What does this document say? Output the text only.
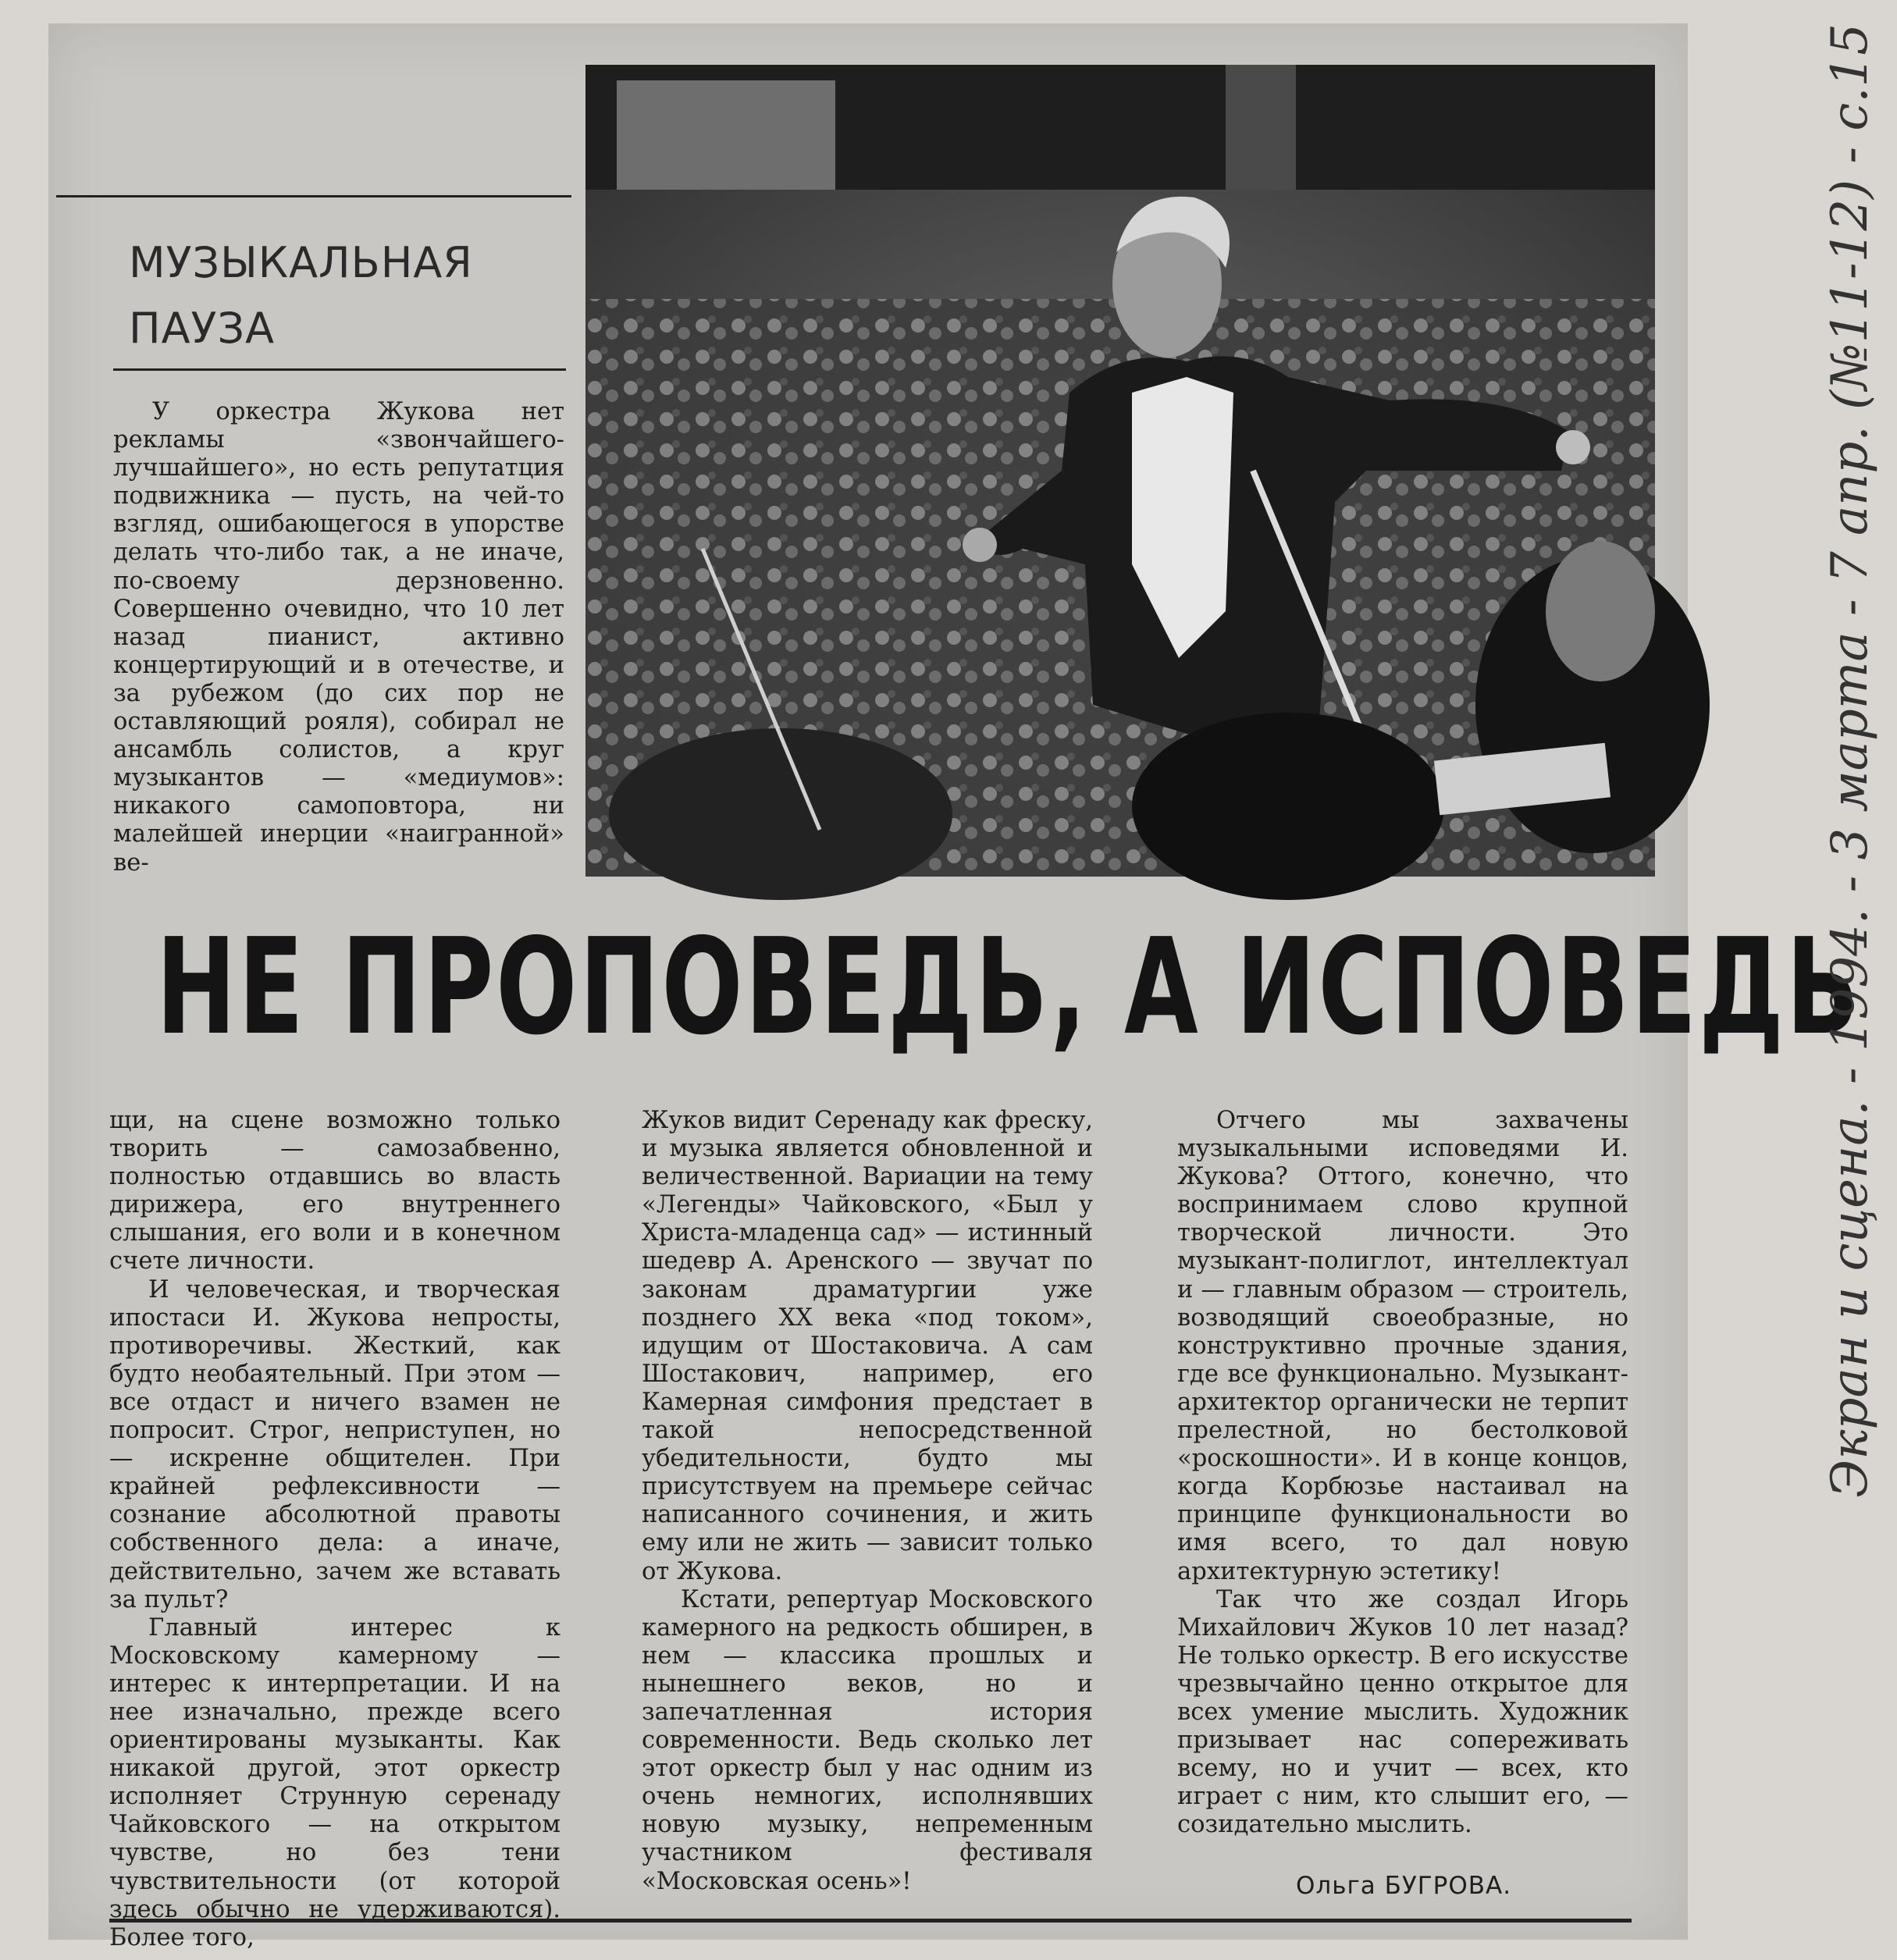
МУЗЫКАЛЬНАЯ
ПАУЗА

У оркестра Жукова нет рекламы «звончайшего-лучшайшего», но есть репутатция подвижника — пусть, на чей-то взгляд, ошибающегося в упорстве делать что-либо так, а не иначе, по-своему дерзновенно. Совершенно очевидно, что 10 лет назад пианист, активно концертирующий и в отечестве, и за рубежом (до сих пор не оставляющий рояля), собирал не ансамбль солистов, а круг музыкантов — «медиумов»: никакого самоповтора, ни малейшей инерции «наигранной» ве-

НЕ ПРОПОВЕДЬ, А ИСПОВЕДЬ

щи, на сцене возможно только творить — самозабвенно, полностью отдавшись во власть дирижера, его внутреннего слышания, его воли и в конечном счете личности.

И человеческая, и творческая ипостаси И. Жукова непросты, противоречивы. Жесткий, как будто необаятельный. При этом — все отдаст и ничего взамен не попросит. Строг, неприступен, но — искренне общителен. При крайней рефлексивности — сознание абсолютной правоты собственного дела: а иначе, действительно, зачем же вставать за пульт?

Главный интерес к Московскому камерному — интерес к интерпретации. И на нее изначально, прежде всего ориентированы музыканты. Как никакой другой, этот оркестр исполняет Струнную серенаду Чайковского — на открытом чувстве, но без тени чувствительности (от которой здесь обычно не удерживаются). Более того,

Жуков видит Серенаду как фреску, и музыка является обновленной и величественной. Вариации на тему «Легенды» Чайковского, «Был у Христа-младенца сад» — истинный шедевр А. Аренского — звучат по законам драматургии уже позднего XX века «под током», идущим от Шостаковича. А сам Шостакович, например, его Камерная симфония предстает в такой непосредственной убедительности, будто мы присутствуем на премьере сейчас написанного сочинения, и жить ему или не жить — зависит только от Жукова.

Кстати, репертуар Московского камерного на редкость обширен, в нем — классика прошлых и нынешнего веков, но и запечатленная история современности. Ведь сколько лет этот оркестр был у нас одним из очень немногих, исполнявших новую музыку, непременным участником фестиваля «Московская осень»!

Отчего мы захвачены музыкальными исповедями И. Жукова? Оттого, конечно, что воспринимаем слово крупной творческой личности. Это музыкант-полиглот, интеллектуал и — главным образом — строитель, возводящий своеобразные, но конструктивно прочные здания, где все функционально. Музыкант-архитектор органически не терпит прелестной, но бестолковой «роскошности». И в конце концов, когда Корбюзье настаивал на принципе функциональности во имя всего, то дал новую архитектурную эстетику!

Так что же создал Игорь Михайлович Жуков 10 лет назад? Не только оркестр. В его искусстве чрезвычайно ценно открытое для всех умение мыслить. Художник призывает нас сопереживать всему, но и учит — всех, кто играет с ним, кто слышит его, — созидательно мыслить.

Ольга БУГРОВА.
Экран и сцена. - 1994. - 3 марта - 7 апр. (№11-12) - с.15
